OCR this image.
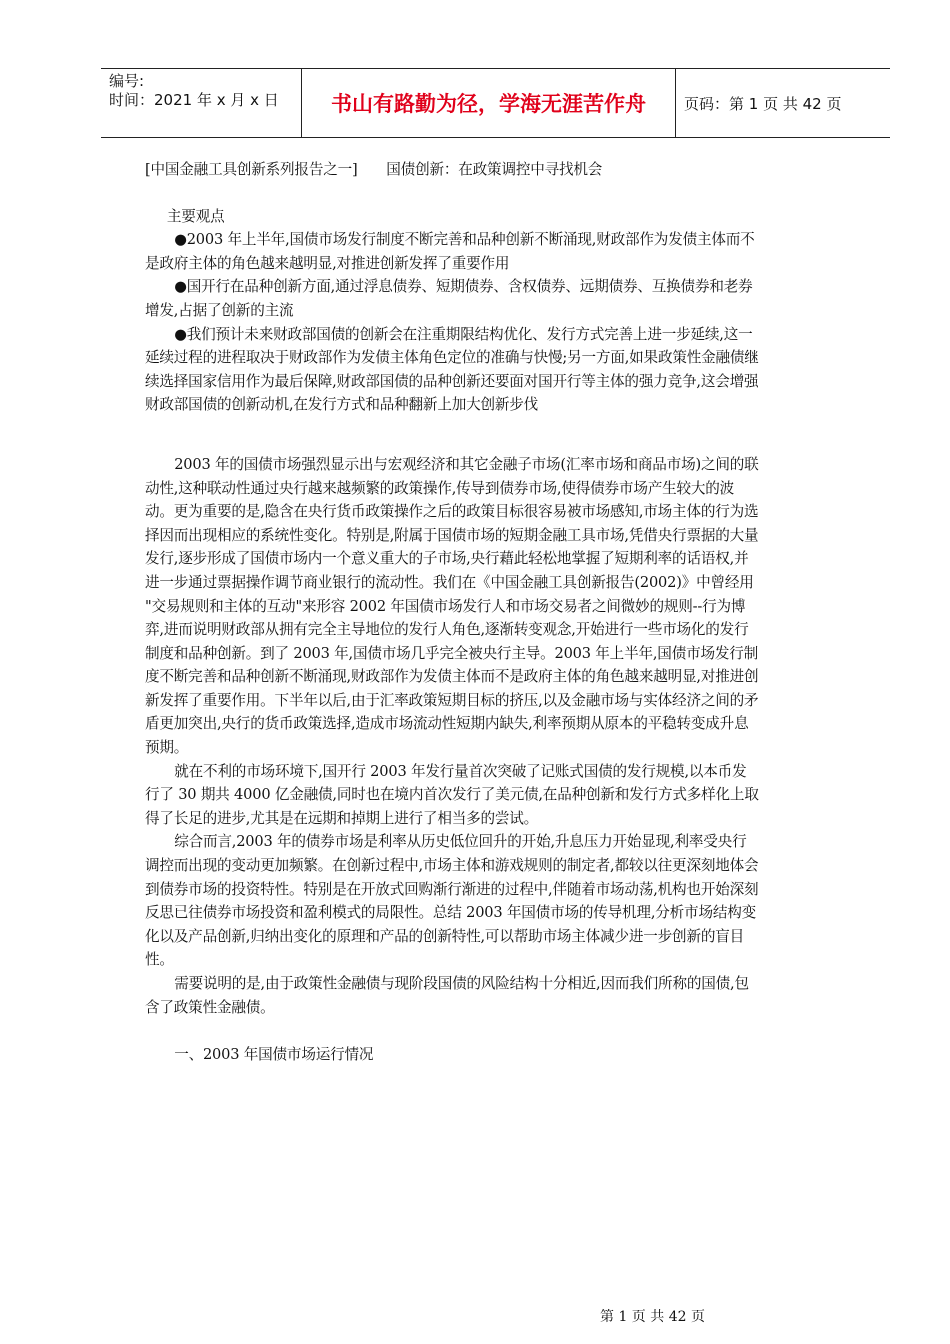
编号:
时间：2021 年 x 月 x 日	书山有路勤为径，学海无涯苦作舟	页码：第 1 页 共 42 页

[中国金融工具创新系列报告之一]　　国债创新：在政策调控中寻找机会

主要观点

●2003 年上半年,国债市场发行制度不断完善和品种创新不断涌现,财政部作为发债主体而不是政府主体的角色越来越明显,对推进创新发挥了重要作用

●国开行在品种创新方面,通过浮息债券、短期债券、含权债券、远期债券、互换债券和老券增发,占据了创新的主流

●我们预计未来财政部国债的创新会在注重期限结构优化、发行方式完善上进一步延续,这一延续过程的进程取决于财政部作为发债主体角色定位的准确与快慢;另一方面,如果政策性金融债继续选择国家信用作为最后保障,财政部国债的品种创新还要面对国开行等主体的强力竞争,这会增强财政部国债的创新动机,在发行方式和品种翻新上加大创新步伐

2003 年的国债市场强烈显示出与宏观经济和其它金融子市场(汇率市场和商品市场)之间的联动性,这种联动性通过央行越来越频繁的政策操作,传导到债券市场,使得债券市场产生较大的波动。更为重要的是,隐含在央行货币政策操作之后的政策目标很容易被市场感知,市场主体的行为选择因而出现相应的系统性变化。特别是,附属于国债市场的短期金融工具市场,凭借央行票据的大量发行,逐步形成了国债市场内一个意义重大的子市场,央行藉此轻松地掌握了短期利率的话语权,并进一步通过票据操作调节商业银行的流动性。我们在《中国金融工具创新报告(2002)》中曾经用 "交易规则和主体的互动"来形容 2002 年国债市场发行人和市场交易者之间微妙的规则--行为博弈,进而说明财政部从拥有完全主导地位的发行人角色,逐渐转变观念,开始进行一些市场化的发行制度和品种创新。到了 2003 年,国债市场几乎完全被央行主导。2003 年上半年,国债市场发行制度不断完善和品种创新不断涌现,财政部作为发债主体而不是政府主体的角色越来越明显,对推进创新发挥了重要作用。下半年以后,由于汇率政策短期目标的挤压,以及金融市场与实体经济之间的矛盾更加突出,央行的货币政策选择,造成市场流动性短期内缺失,利率预期从原本的平稳转变成升息预期。

就在不利的市场环境下,国开行 2003 年发行量首次突破了记账式国债的发行规模,以本币发行了 30 期共 4000 亿金融债,同时也在境内首次发行了美元债,在品种创新和发行方式多样化上取得了长足的进步,尤其是在远期和掉期上进行了相当多的尝试。

综合而言,2003 年的债券市场是利率从历史低位回升的开始,升息压力开始显现,利率受央行调控而出现的变动更加频繁。在创新过程中,市场主体和游戏规则的制定者,都较以往更深刻地体会到债券市场的投资特性。特别是在开放式回购渐行渐进的过程中,伴随着市场动荡,机构也开始深刻反思已往债券市场投资和盈利模式的局限性。总结 2003 年国债市场的传导机理,分析市场结构变化以及产品创新,归纳出变化的原理和产品的创新特性,可以帮助市场主体减少进一步创新的盲目性。

需要说明的是,由于政策性金融债与现阶段国债的风险结构十分相近,因而我们所称的国债,包含了政策性金融债。

一、2003 年国债市场运行情况

第 1 页 共 42 页
